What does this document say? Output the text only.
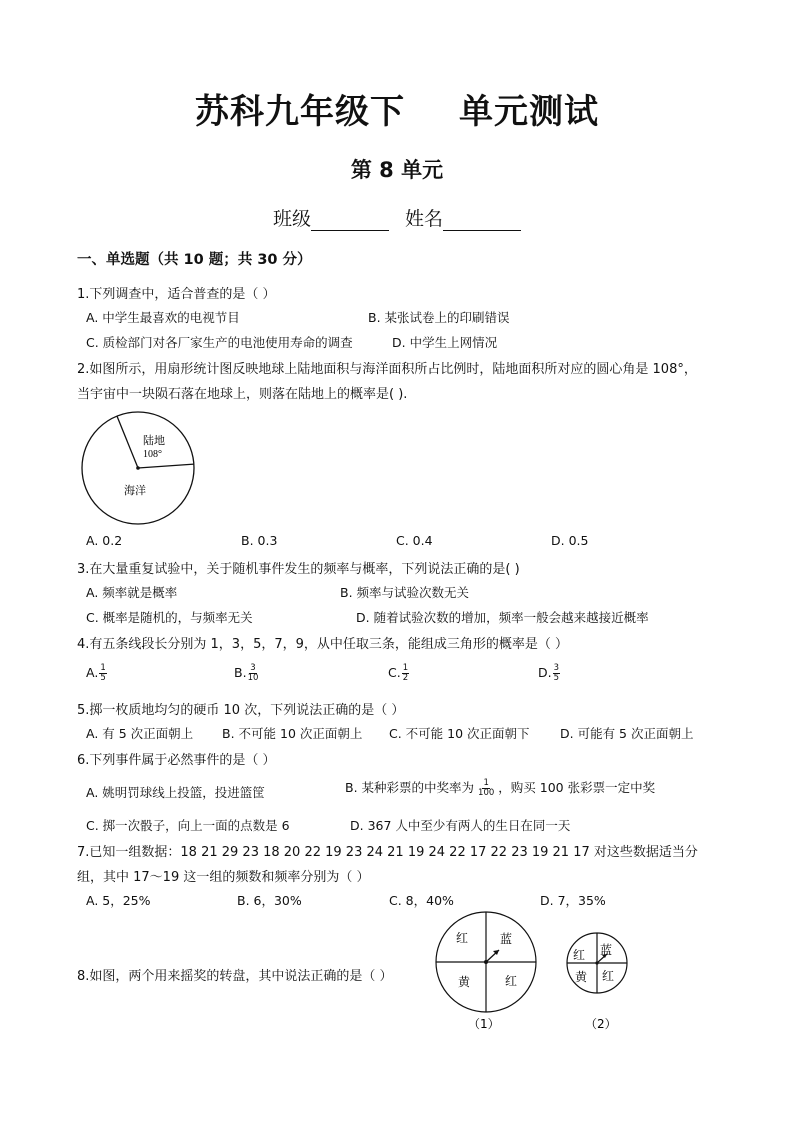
苏科九年级下 单元测试
第 8 单元
班级	姓名
一、单选题（共 10 题；共 30 分）
1.下列调查中，适合普查的是（ ）
A. 中学生最喜欢的电视节目	B. 某张试卷上的印刷错误
C. 质检部门对各厂家生产的电池使用寿命的调查	D. 中学生上网情况
2.如图所示，用扇形统计图反映地球上陆地面积与海洋面积所占比例时，陆地面积所对应的圆心角是 108°，
当宇宙中一块陨石落在地球上，则落在陆地上的概率是( ).
陆地
108°
海洋
A. 0.2	B. 0.3	C. 0.4	D. 0.5
3.在大量重复试验中，关于随机事件发生的频率与概率，下列说法正确的是( )
A. 频率就是概率	B. 频率与试验次数无关
C. 概率是随机的，与频率无关	D. 随着试验次数的增加，频率一般会越来越接近概率
4.有五条线段长分别为 1，3，5，7，9，从中任取三条，能组成三角形的概率是（ ）
A. $\frac{1}{5}$	B. $\frac{3}{10}$	C. $\frac{1}{2}$	D. $\frac{3}{5}$
5.掷一枚质地均匀的硬币 10 次，下列说法正确的是（ ）
A. 有 5 次正面朝上 B. 不可能 10 次正面朝上 C. 不可能 10 次正面朝下 D. 可能有 5 次正面朝上
6.下列事件属于必然事件的是（ ）
A. 姚明罚球线上投篮，投进篮筐	B. 某种彩票的中奖率为 $\frac{1}{100}$ ，购买 100 张彩票一定中奖
C. 掷一次骰子，向上一面的点数是 6	D. 367 人中至少有两人的生日在同一天
7.已知一组数据：18 21 29 23 18 20 22 19 23 24 21 19 24 22 17 22 23 19 21 17 对这些数据适当分
组，其中 17～19 这一组的频数和频率分别为（ ）
A. 5，25%	B. 6，30%	C. 8，40%	D. 7，35%
8.如图，两个用来摇奖的转盘，其中说法正确的是（ ）
红	蓝
黄	红
（1）
红 蓝
黄 红
（2）
